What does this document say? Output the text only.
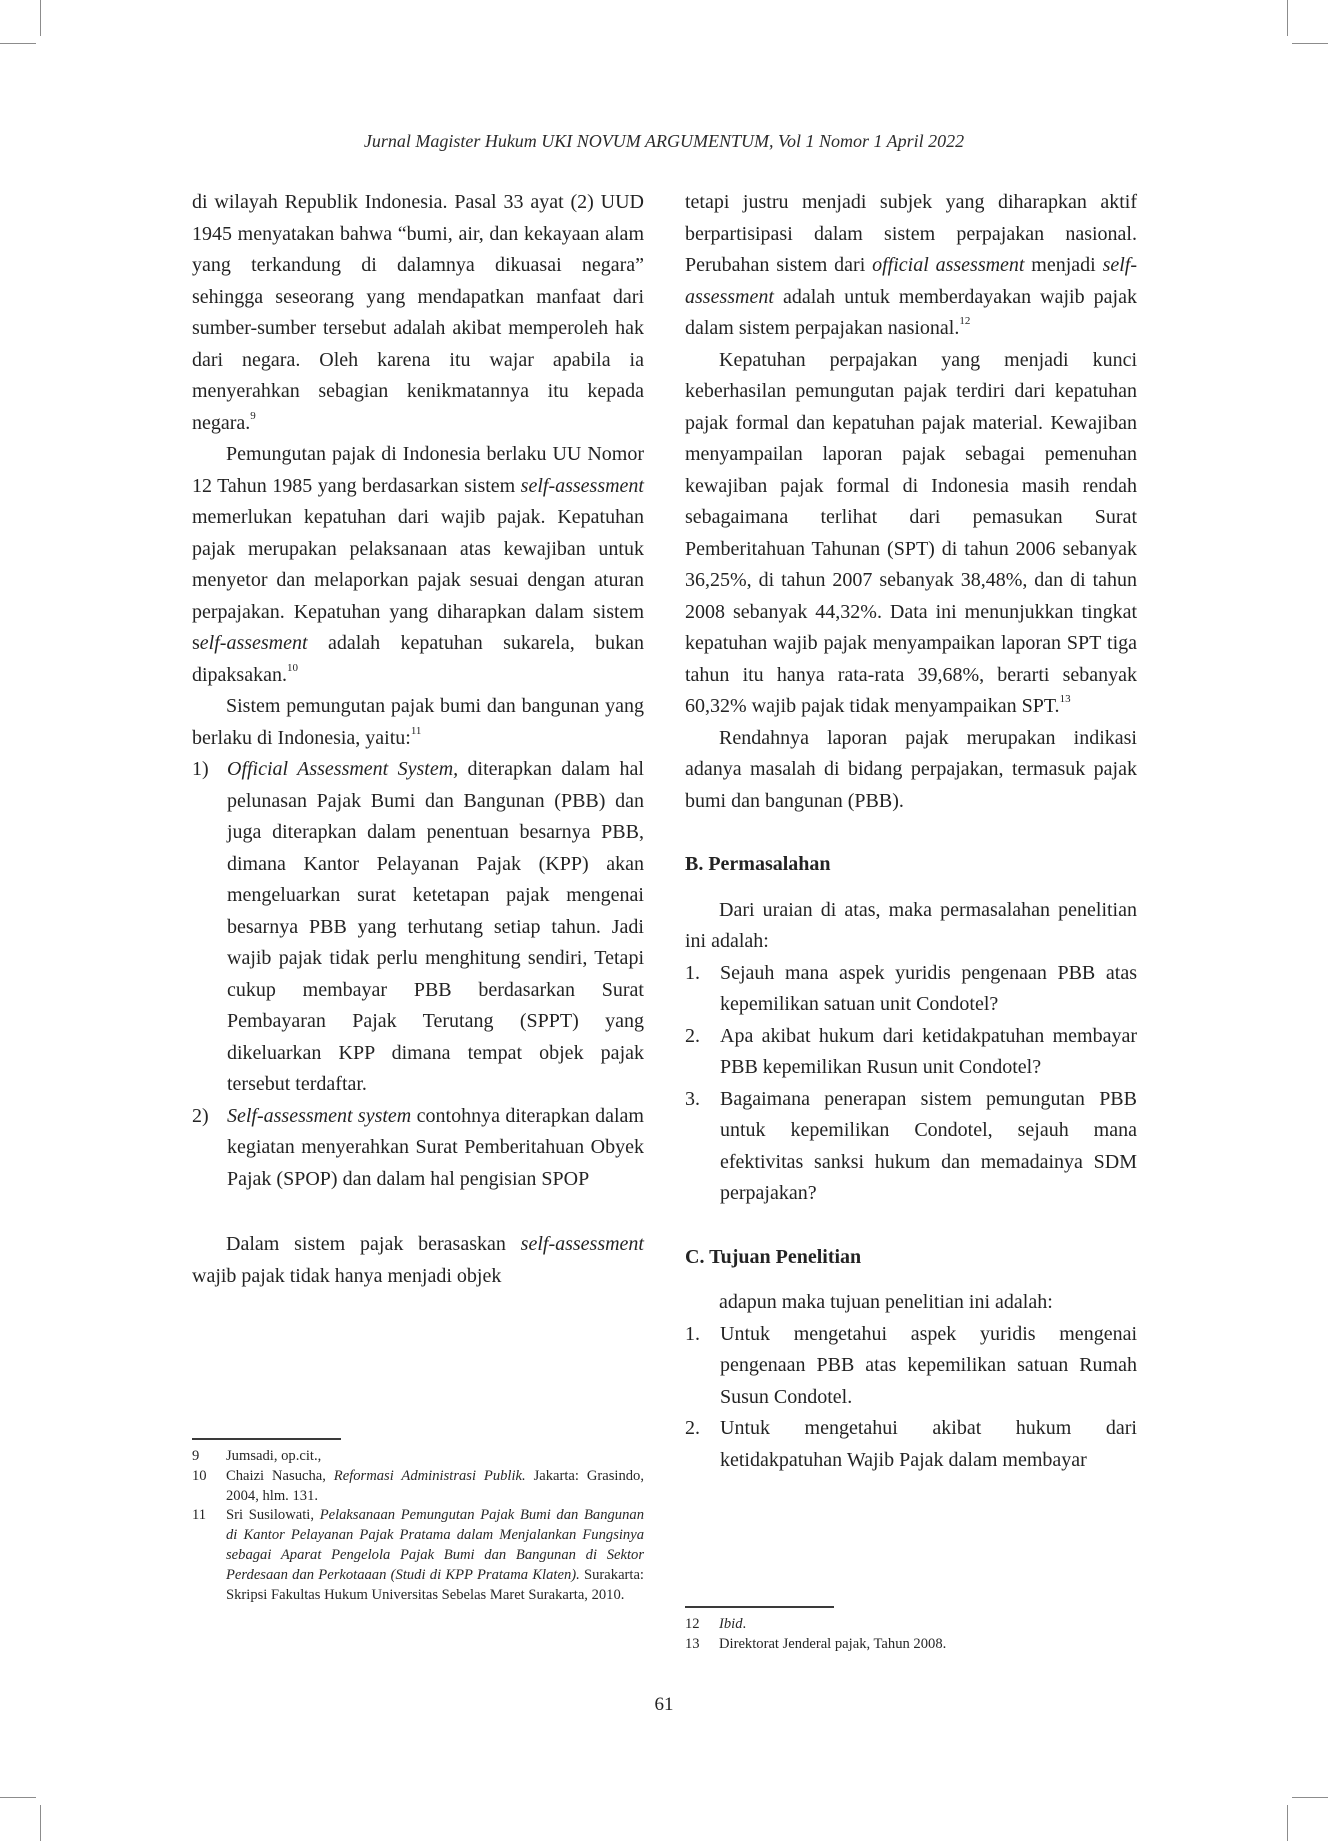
Jurnal Magister Hukum UKI NOVUM ARGUMENTUM, Vol 1 Nomor 1 April 2022

di wilayah Republik Indonesia. Pasal 33 ayat (2) UUD 1945 menyatakan bahwa “bumi, air, dan kekayaan alam yang terkandung di dalamnya dikuasai negara” sehingga seseorang yang mendapatkan manfaat dari sumber-sumber tersebut adalah akibat memperoleh hak dari negara. Oleh karena itu wajar apabila ia menyerahkan sebagian kenikmatannya itu kepada negara.$^9$

Pemungutan pajak di Indonesia berlaku UU Nomor 12 Tahun 1985 yang berdasarkan sistem self-assessment memerlukan kepatuhan dari wajib pajak. Kepatuhan pajak merupakan pelaksanaan atas kewajiban untuk menyetor dan melaporkan pajak sesuai dengan aturan perpajakan. Kepatuhan yang diharapkan dalam sistem self-assesment adalah kepatuhan sukarela, bukan dipaksakan.$^{10}$

Sistem pemungutan pajak bumi dan bangunan yang berlaku di Indonesia, yaitu:$^{11}$

1) Official Assessment System, diterapkan dalam hal pelunasan Pajak Bumi dan Bangunan (PBB) dan juga diterapkan dalam penentuan besarnya PBB, dimana Kantor Pelayanan Pajak (KPP) akan mengeluarkan surat ketetapan pajak mengenai besarnya PBB yang terhutang setiap tahun. Jadi wajib pajak tidak perlu menghitung sendiri, Tetapi cukup membayar PBB berdasarkan Surat Pembayaran Pajak Terutang (SPPT) yang dikeluarkan KPP dimana tempat objek pajak tersebut terdaftar.
2) Self-assessment system contohnya diterapkan dalam kegiatan menyerahkan Surat Pemberitahuan Obyek Pajak (SPOP) dan dalam hal pengisian SPOP

Dalam sistem pajak berasaskan self-assessment wajib pajak tidak hanya menjadi objek

9 Jumsadi, op.cit.,

10 Chaizi Nasucha, Reformasi Administrasi Publik. Jakarta: Grasindo, 2004, hlm. 131.

11 Sri Susilowati, Pelaksanaan Pemungutan Pajak Bumi dan Bangunan di Kantor Pelayanan Pajak Pratama dalam Menjalankan Fungsinya sebagai Aparat Pengelola Pajak Bumi dan Bangunan di Sektor Perdesaan dan Perkotaaan (Studi di KPP Pratama Klaten). Surakarta: Skripsi Fakultas Hukum Universitas Sebelas Maret Surakarta, 2010.

tetapi justru menjadi subjek yang diharapkan aktif berpartisipasi dalam sistem perpajakan nasional. Perubahan sistem dari official assessment menjadi self-assessment adalah untuk memberdayakan wajib pajak dalam sistem perpajakan nasional.$^{12}$

Kepatuhan perpajakan yang menjadi kunci keberhasilan pemungutan pajak terdiri dari kepatuhan pajak formal dan kepatuhan pajak material. Kewajiban menyampailan laporan pajak sebagai pemenuhan kewajiban pajak formal di Indonesia masih rendah sebagaimana terlihat dari pemasukan Surat Pemberitahuan Tahunan (SPT) di tahun 2006 sebanyak 36,25%, di tahun 2007 sebanyak 38,48%, dan di tahun 2008 sebanyak 44,32%. Data ini menunjukkan tingkat kepatuhan wajib pajak menyampaikan laporan SPT tiga tahun itu hanya rata-rata 39,68%, berarti sebanyak 60,32% wajib pajak tidak menyampaikan SPT.$^{13}$

Rendahnya laporan pajak merupakan indikasi adanya masalah di bidang perpajakan, termasuk pajak bumi dan bangunan (PBB).

B. Permasalahan

Dari uraian di atas, maka permasalahan penelitian ini adalah:

1. Sejauh mana aspek yuridis pengenaan PBB atas kepemilikan satuan unit Condotel?
2. Apa akibat hukum dari ketidakpatuhan membayar PBB kepemilikan Rusun unit Condotel?
3. Bagaimana penerapan sistem pemungutan PBB untuk kepemilikan Condotel, sejauh mana efektivitas sanksi hukum dan memadainya SDM perpajakan?

C. Tujuan Penelitian

adapun maka tujuan penelitian ini adalah:

1. Untuk mengetahui aspek yuridis mengenai pengenaan PBB atas kepemilikan satuan Rumah Susun Condotel.
2. Untuk mengetahui akibat hukum dari ketidakpatuhan Wajib Pajak dalam membayar

12 Ibid.

13 Direktorat Jenderal pajak, Tahun 2008.

61
